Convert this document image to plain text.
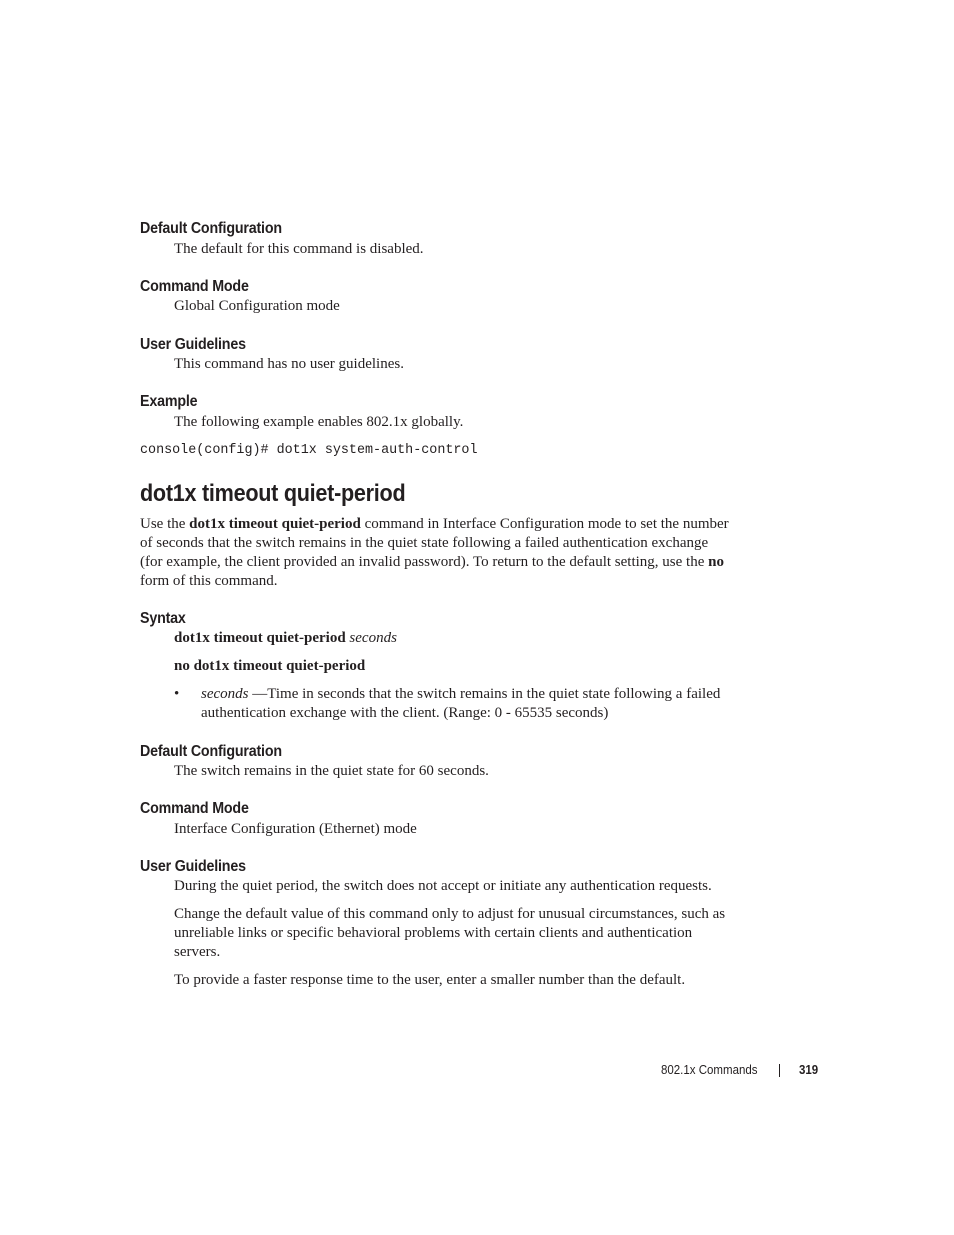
Default Configuration
The default for this command is disabled.
Command Mode
Global Configuration mode
User Guidelines
This command has no user guidelines.
Example
The following example enables 802.1x globally.
console(config)# dot1x system-auth-control
dot1x timeout quiet-period
Use the dot1x timeout quiet-period command in Interface Configuration mode to set the number
of seconds that the switch remains in the quiet state following a failed authentication exchange
(for example, the client provided an invalid password). To return to the default setting, use the no
form of this command.
Syntax
dot1x timeout quiet-period seconds
no dot1x timeout quiet-period
• seconds —Time in seconds that the switch remains in the quiet state following a failed
authentication exchange with the client. (Range: 0 - 65535 seconds)
Default Configuration
The switch remains in the quiet state for 60 seconds.
Command Mode
Interface Configuration (Ethernet) mode
User Guidelines
During the quiet period, the switch does not accept or initiate any authentication requests.
Change the default value of this command only to adjust for unusual circumstances, such as
unreliable links or specific behavioral problems with certain clients and authentication
servers.
To provide a faster response time to the user, enter a smaller number than the default.
802.1x Commands	319
